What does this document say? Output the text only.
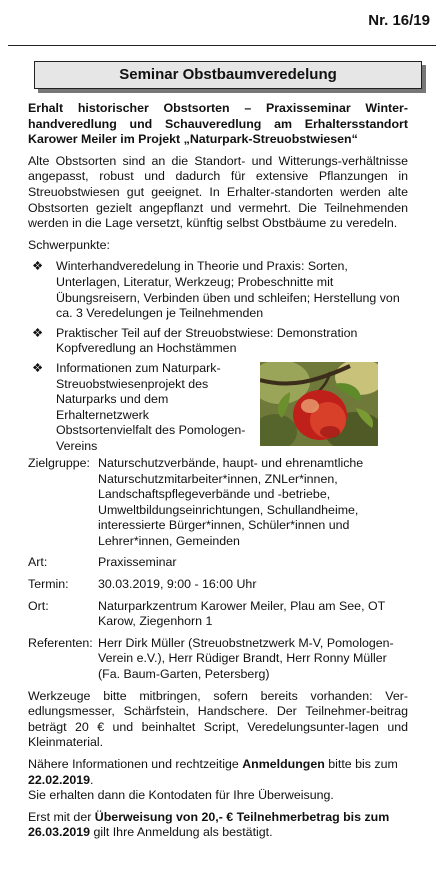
Nr. 16/19
Seminar Obstbaumveredelung

Erhalt historischer Obstsorten – Praxisseminar Winter-handveredlung und Schauveredlung am Erhaltersstandort Karower Meiler im Projekt „Naturpark-Streuobstwiesen“

Alte Obstsorten sind an die Standort- und Witterungs-verhältnisse angepasst, robust und dadurch für extensive Pflanzungen in Streuobstwiesen gut geeignet. In Erhalter-standorten werden alte Obstsorten gezielt angepflanzt und vermehrt. Die Teilnehmenden werden in die Lage versetzt, künftig selbst Obstbäume zu veredeln.

Schwerpunkte:

❖ Winterhandveredelung in Theorie und Praxis: Sorten, Unterlagen, Literatur, Werkzeug; Probeschnitte mit Übungsreisern, Verbinden üben und schleifen; Herstellung von ca. 3 Veredelungen je Teilnehmenden
❖ Praktischer Teil auf der Streuobstwiese: Demonstration Kopfveredlung an Hochstämmen
❖ Informationen zum Naturpark-Streuobstwiesenprojekt des Naturparks und dem Erhalternetzwerk Obstsortenvielfalt des Pomologen-Vereins
Zielgruppe: Naturschutzverbände, haupt- und ehrenamtliche Naturschutzmitarbeiter*innen, ZNLer*innen, Landschaftspflegeverbände und -betriebe, Umweltbildungseinrichtungen, Schullandheime, interessierte Bürger*innen, Schüler*innen und Lehrer*innen, Gemeinden
Art:	Praxisseminar
Termin:	30.03.2019, 9:00 - 16:00 Uhr
Ort:	Naturparkzentrum Karower Meiler, Plau am See, OT Karow, Ziegenhorn 1
Referenten: Herr Dirk Müller (Streuobstnetzwerk M-V, Pomologen-Verein e.V.), Herr Rüdiger Brandt, Herr Ronny Müller (Fa. Baum-Garten, Petersberg)

Werkzeuge bitte mitbringen, sofern bereits vorhanden: Ver-edlungsmesser, Schärfstein, Handschere. Der Teilnehmer-beitrag beträgt 20 € und beinhaltet Script, Veredelungsunter-lagen und Kleinmaterial.

Nähere Informationen und rechtzeitige Anmeldungen bitte bis zum 22.02.2019.
Sie erhalten dann die Kontodaten für Ihre Überweisung.

Erst mit der Überweisung von 20,- € Teilnehmerbetrag bis zum 26.03.2019 gilt Ihre Anmeldung als bestätigt.
